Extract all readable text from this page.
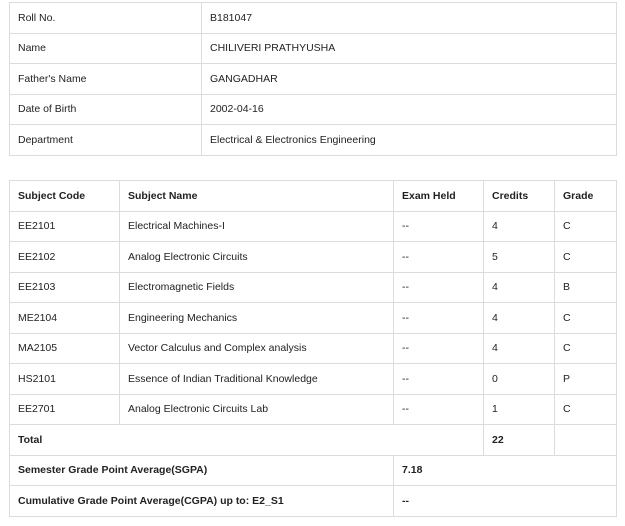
Roll No.	B181047
Name	CHILIVERI PRATHYUSHA
Father's Name	GANGADHAR
Date of Birth	2002-04-16
Department	Electrical & Electronics Engineering
Subject Code	Subject Name	Exam Held	Credits	Grade
EE2101	Electrical Machines-I	--	4	C
EE2102	Analog Electronic Circuits	--	5	C
EE2103	Electromagnetic Fields	--	4	B
ME2104	Engineering Mechanics	--	4	C
MA2105	Vector Calculus and Complex analysis	--	4	C
HS2101	Essence of Indian Traditional Knowledge	--	0	P
EE2701	Analog Electronic Circuits Lab	--	1	C
Total			22	
Semester Grade Point Average(SGPA)		7.18		
Cumulative Grade Point Average(CGPA) up to: E2_S1		--		
